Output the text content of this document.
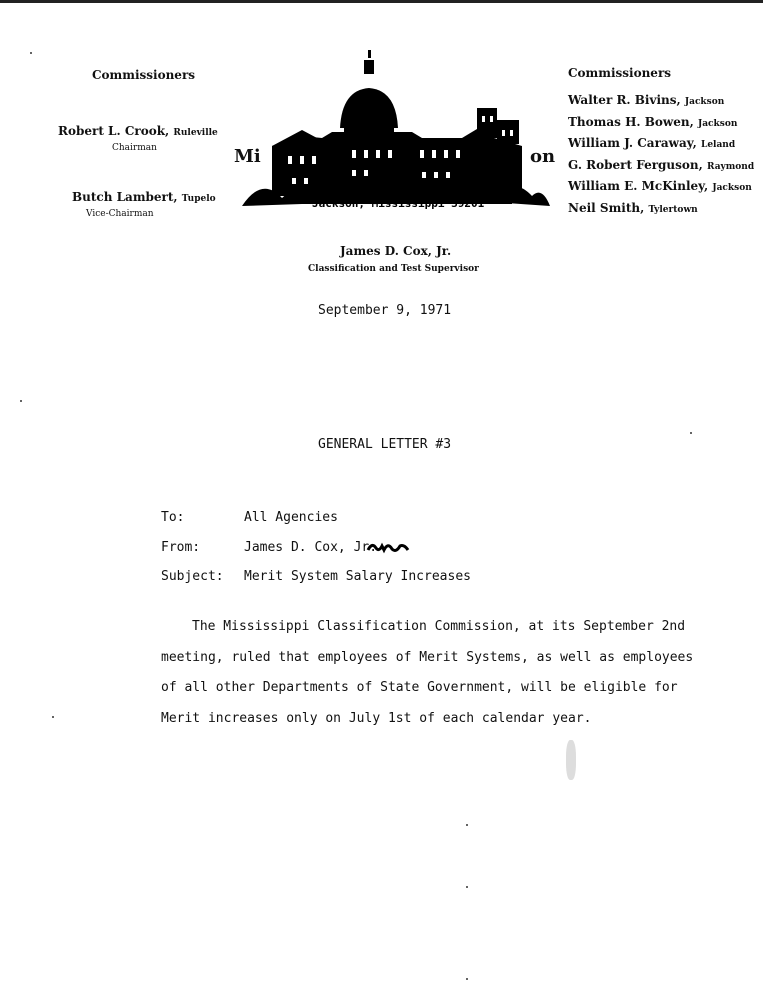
Commissioners
Robert L. Crook, Ruleville
Chairman
Butch Lambert, Tupelo
Vice-Chairman
Mi	on
Jackson, Mississippi 39201
Commissioners
Walter R. Bivins, Jackson
Thomas H. Bowen, Jackson
William J. Caraway, Leland
G. Robert Ferguson, Raymond
William E. McKinley, Jackson
Neil Smith, Tylertown
James D. Cox, Jr.
Classification and Test Supervisor
September 9, 1971
GENERAL LETTER #3
To:	All Agencies
From:	James D. Cox, Jr.
Subject: Merit System Salary Increases
The Mississippi Classification Commission, at its September 2nd
meeting, ruled that employees of Merit Systems, as well as employees
of all other Departments of State Government, will be eligible for
Merit increases only on July 1st of each calendar year.
